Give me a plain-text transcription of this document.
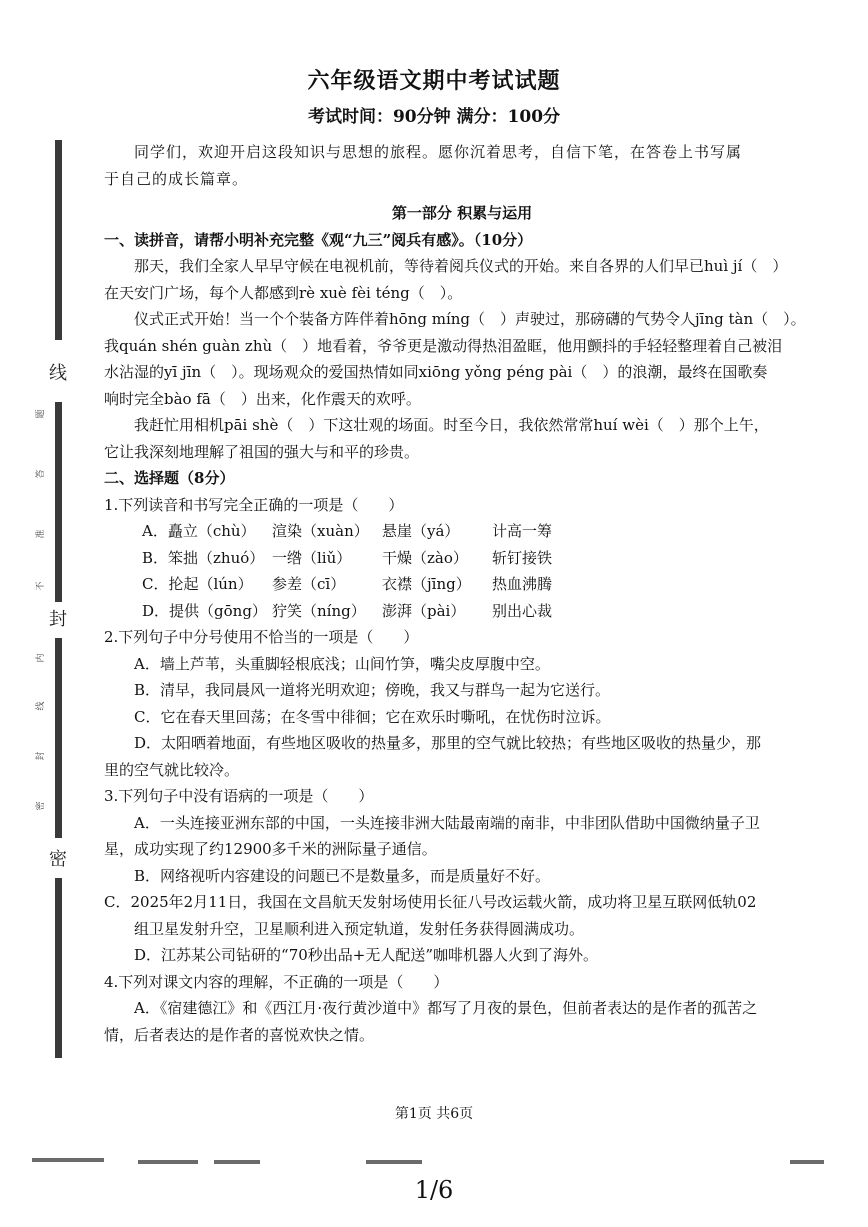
线
封
密
题
答
准
不
内
线
封
密
六年级语文期中考试试题
考试时间：90分钟 满分：100分
同学们，欢迎开启这段知识与思想的旅程。愿你沉着思考，自信下笔，在答卷上书写属
于自己的成长篇章。
第一部分 积累与运用
一、读拼音，请帮小明补充完整《观“九三”阅兵有感》。（10分）
那天，我们全家人早早守候在电视机前，等待着阅兵仪式的开始。来自各界的人们早已huì jí（　）
在天安门广场，每个人都感到rè xuè fèi téng（　）。
仪式正式开始！当一个个装备方阵伴着hōng míng（　）声驶过，那磅礴的气势令人jīng tàn（　）。
我quán shén guàn zhù（　）地看着，爷爷更是激动得热泪盈眶，他用颤抖的手轻轻整理着自己被泪
水沾湿的yī jīn（　）。现场观众的爱国热情如同xiōng yǒng péng pài（　）的浪潮，最终在国歌奏
响时完全bào fā（　）出来，化作震天的欢呼。
我赶忙用相机pāi shè（　）下这壮观的场面。时至今日，我依然常常huí wèi（　）那个上午，
它让我深刻地理解了祖国的强大与和平的珍贵。
二、选择题（8分）
1.下列读音和书写完全正确的一项是（　　）
A．矗立（chù） 渲染（xuàn） 悬崖（yá） 计高一筹
B．笨拙（zhuó） 一绺（liǔ） 干燥（zào） 斩钉接铁
C．抡起（lún） 参差（cī） 衣襟（jīng） 热血沸腾
D．提供（gōng） 狞笑（níng） 澎湃（pài） 别出心裁
2.下列句子中分号使用不恰当的一项是（　　）
A．墙上芦苇，头重脚轻根底浅；山间竹笋，嘴尖皮厚腹中空。
B．清早，我同晨风一道将光明欢迎；傍晚，我又与群鸟一起为它送行。
C．它在春天里回荡；在冬雪中徘徊；它在欢乐时嘶吼，在忧伤时泣诉。
D．太阳晒着地面，有些地区吸收的热量多，那里的空气就比较热；有些地区吸收的热量少，那
里的空气就比较冷。
3.下列句子中没有语病的一项是（　　）
A．一头连接亚洲东部的中国，一头连接非洲大陆最南端的南非，中非团队借助中国微纳量子卫
星，成功实现了约12900多千米的洲际量子通信。
B．网络视听内容建设的问题已不是数量多，而是质量好不好。
C．2025年2月11日，我国在文昌航天发射场使用长征八号改运载火箭，成功将卫星互联网低轨02
组卫星发射升空，卫星顺利进入预定轨道，发射任务获得圆满成功。
D．江苏某公司钻研的“70秒出品+无人配送”咖啡机器人火到了海外。
4.下列对课文内容的理解，不正确的一项是（　　）
A．《宿建德江》和《西江月·夜行黄沙道中》都写了月夜的景色，但前者表达的是作者的孤苦之
情，后者表达的是作者的喜悦欢快之情。
第1页 共6页
1/6
